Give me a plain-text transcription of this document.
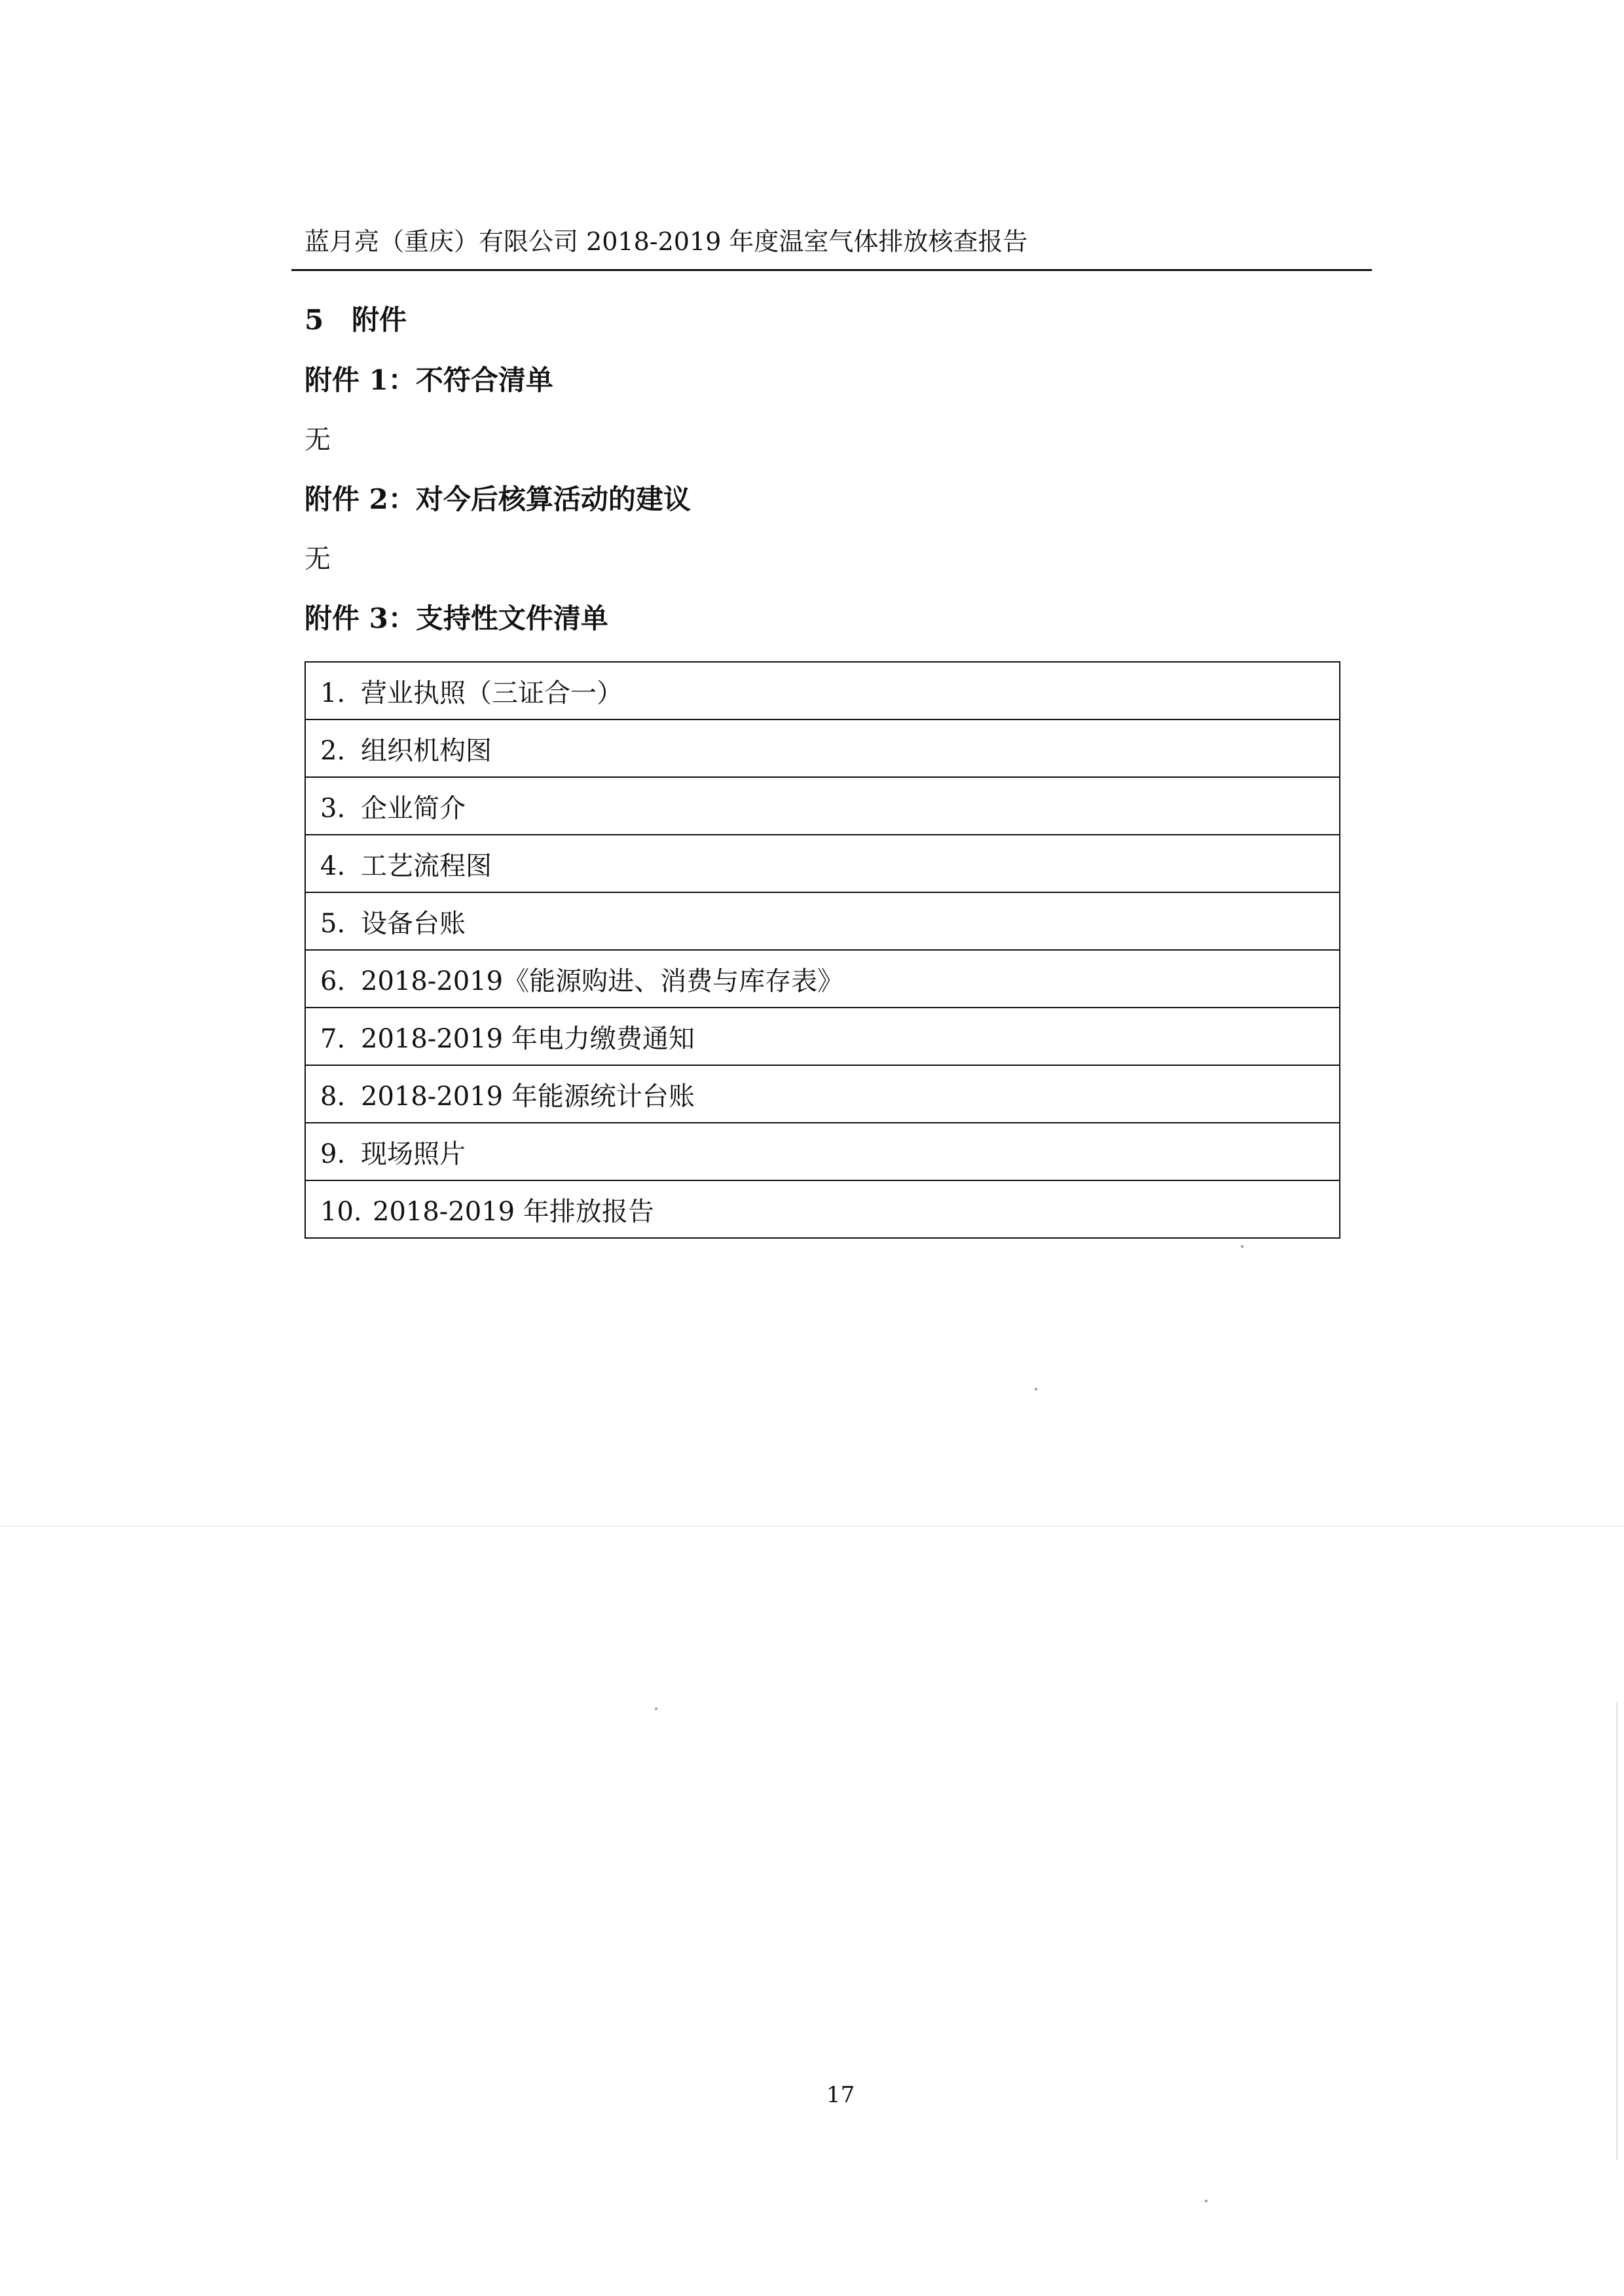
蓝月亮（重庆）有限公司 2018-2019 年度温室气体排放核查报告
5 附件
附件 1：不符合清单
无
附件 2：对今后核算活动的建议
无
附件 3：支持性文件清单
1. 营业执照（三证合一）
2. 组织机构图
3. 企业简介
4. 工艺流程图
5. 设备台账
6. 2018-2019《能源购进、消费与库存表》
7. 2018-2019 年电力缴费通知
8. 2018-2019 年能源统计台账
9. 现场照片
10. 2018-2019 年排放报告
17
